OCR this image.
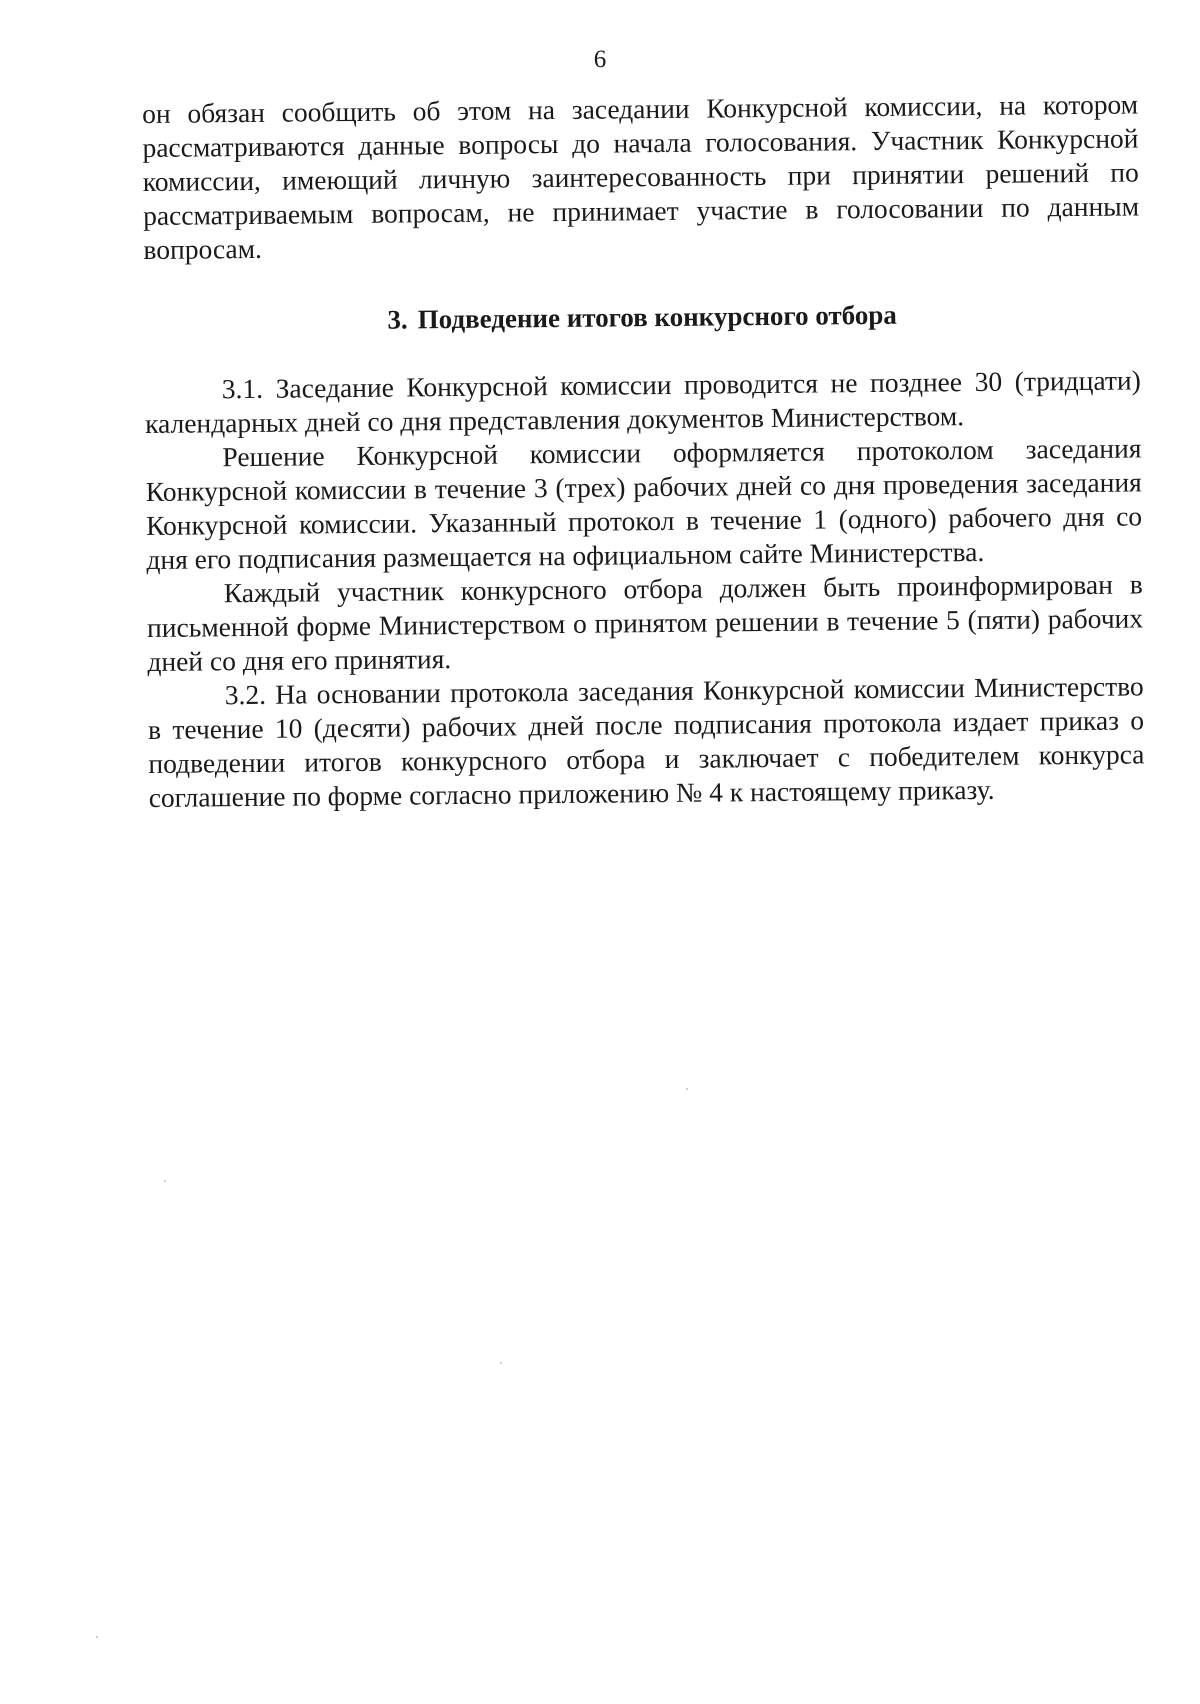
6

он обязан сообщить об этом на заседании Конкурсной комиссии, на котором рассматриваются данные вопросы до начала голосования. Участник Конкурсной комиссии, имеющий личную заинтересованность при принятии решений по рассматриваемым вопросам, не принимает участие в голосовании по данным вопросам.

3. Подведение итогов конкурсного отбора

3.1. Заседание Конкурсной комиссии проводится не позднее 30 (тридцати) календарных дней со дня представления документов Министерством.

Решение Конкурсной комиссии оформляется протоколом заседания Конкурсной комиссии в течение 3 (трех) рабочих дней со дня проведения заседания Конкурсной комиссии. Указанный протокол в течение 1 (одного) рабочего дня со дня его подписания размещается на официальном сайте Министерства.

Каждый участник конкурсного отбора должен быть проинформирован в письменной форме Министерством о принятом решении в течение 5 (пяти) рабочих дней со дня его принятия.

3.2. На основании протокола заседания Конкурсной комиссии Министерство в течение 10 (десяти) рабочих дней после подписания протокола издает приказ о подведении итогов конкурсного отбора и заключает с победителем конкурса соглашение по форме согласно приложению № 4 к настоящему приказу.
